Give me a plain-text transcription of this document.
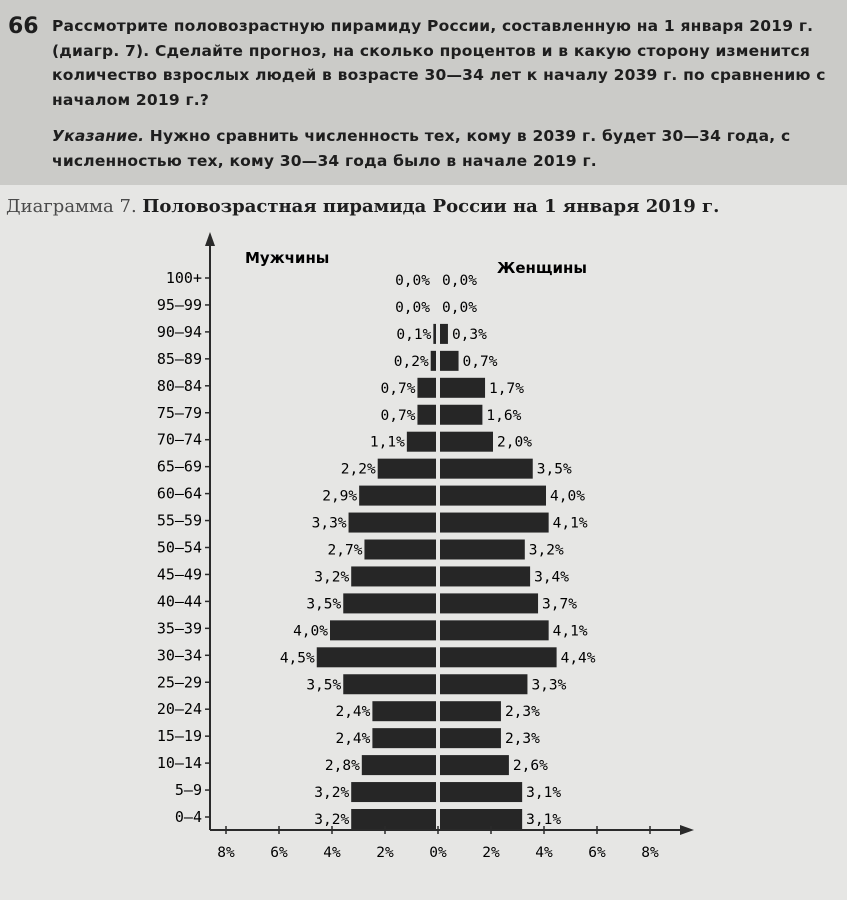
66 Рассмотрите половозрастную пирамиду России, составленную на 1 января 2019 г. (диагр. 7). Сделайте прогноз, на сколько процентов и в какую сторону изменится количество взрослых людей в возрасте 30—34 лет к началу 2039 г. по сравнению с началом 2019 г.?
Указание. Нужно сравнить численность тех, кому в 2039 г. будет 30—34 года, с численностью тех, кому 30—34 года было в начале 2019 г.
Диаграмма 7. Половозрастная пирамида России на 1 января 2019 г.
Мужчины
Женщины
100+	0,0% 0,0%
95—99	0,0% 0,0%
90—94	0,1% 0,3%
85—89	0,2% 0,7%
80—84	0,7%	1,7%
75—79	0,7%	1,6%
70—74	1,1%	2,0%
65—69	2,2%	3,5%
60—64	2,9%	4,0%
55—59	3,3%	4,1%
50—54	2,7%	3,2%
45—49	3,2%	3,4%
40—44	3,5%	3,7%
35—39	4,0%	4,1%
30—34	4,5%	4,4%
25—29	3,5%	3,3%
20—24	2,4%	2,3%
15—19	2,4%	2,3%
10—14	2,8%	2,6%
5—9	3,2%	3,1%
0—4	3,2%	3,1%
8% 6% 4% 2% 0% 2% 4% 6% 8%
